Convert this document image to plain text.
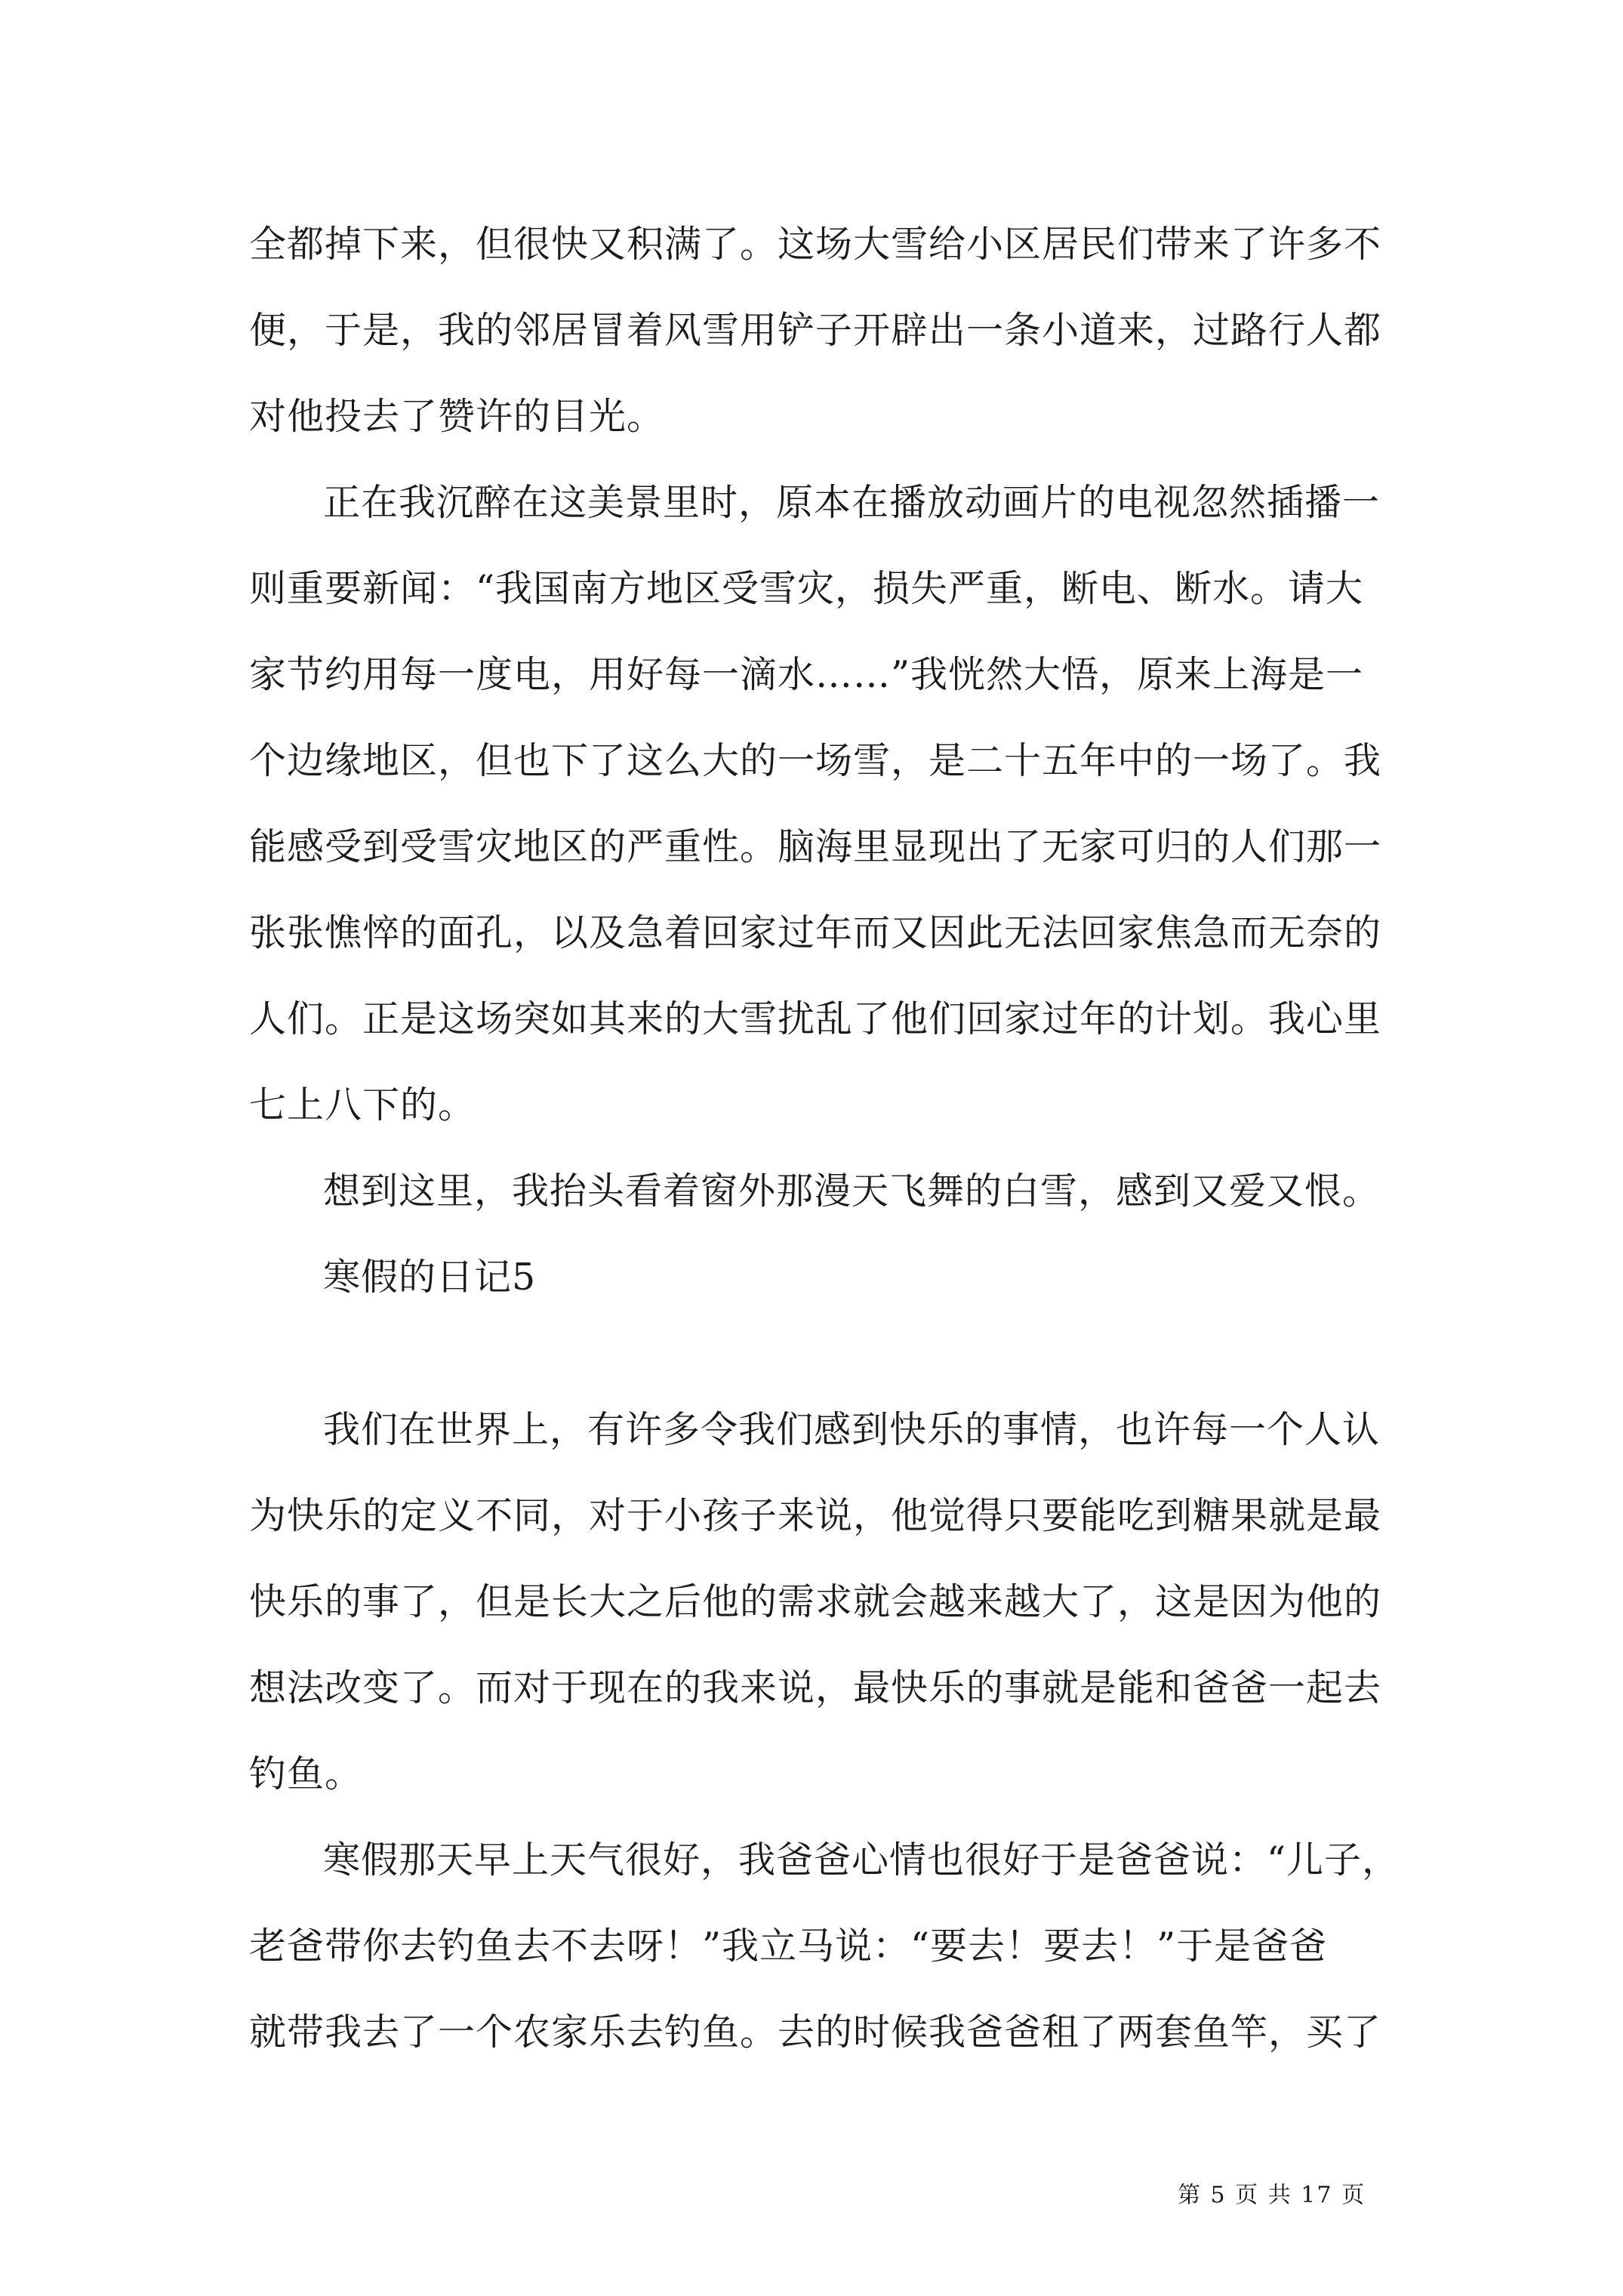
全都掉下来，但很快又积满了。这场大雪给小区居民们带来了许多不
便，于是，我的邻居冒着风雪用铲子开辟出一条小道来，过路行人都
对他投去了赞许的目光。
正在我沉醉在这美景里时，原本在播放动画片的电视忽然插播一
则重要新闻：“我国南方地区受雪灾，损失严重，断电、断水。请大
家节约用每一度电，用好每一滴水……”我恍然大悟，原来上海是一
个边缘地区，但也下了这么大的一场雪，是二十五年中的一场了。我
能感受到受雪灾地区的严重性。脑海里显现出了无家可归的人们那一
张张憔悴的面孔，以及急着回家过年而又因此无法回家焦急而无奈的
人们。正是这场突如其来的大雪扰乱了他们回家过年的计划。我心里
七上八下的。
想到这里，我抬头看着窗外那漫天飞舞的白雪，感到又爱又恨。
寒假的日记5
我们在世界上，有许多令我们感到快乐的事情，也许每一个人认
为快乐的定义不同，对于小孩子来说，他觉得只要能吃到糖果就是最
快乐的事了，但是长大之后他的需求就会越来越大了，这是因为他的
想法改变了。而对于现在的我来说，最快乐的事就是能和爸爸一起去
钓鱼。
寒假那天早上天气很好，我爸爸心情也很好于是爸爸说：“儿子，
老爸带你去钓鱼去不去呀！”我立马说：“要去！要去！”于是爸爸
就带我去了一个农家乐去钓鱼。去的时候我爸爸租了两套鱼竿，买了
第 5 页 共 17 页
